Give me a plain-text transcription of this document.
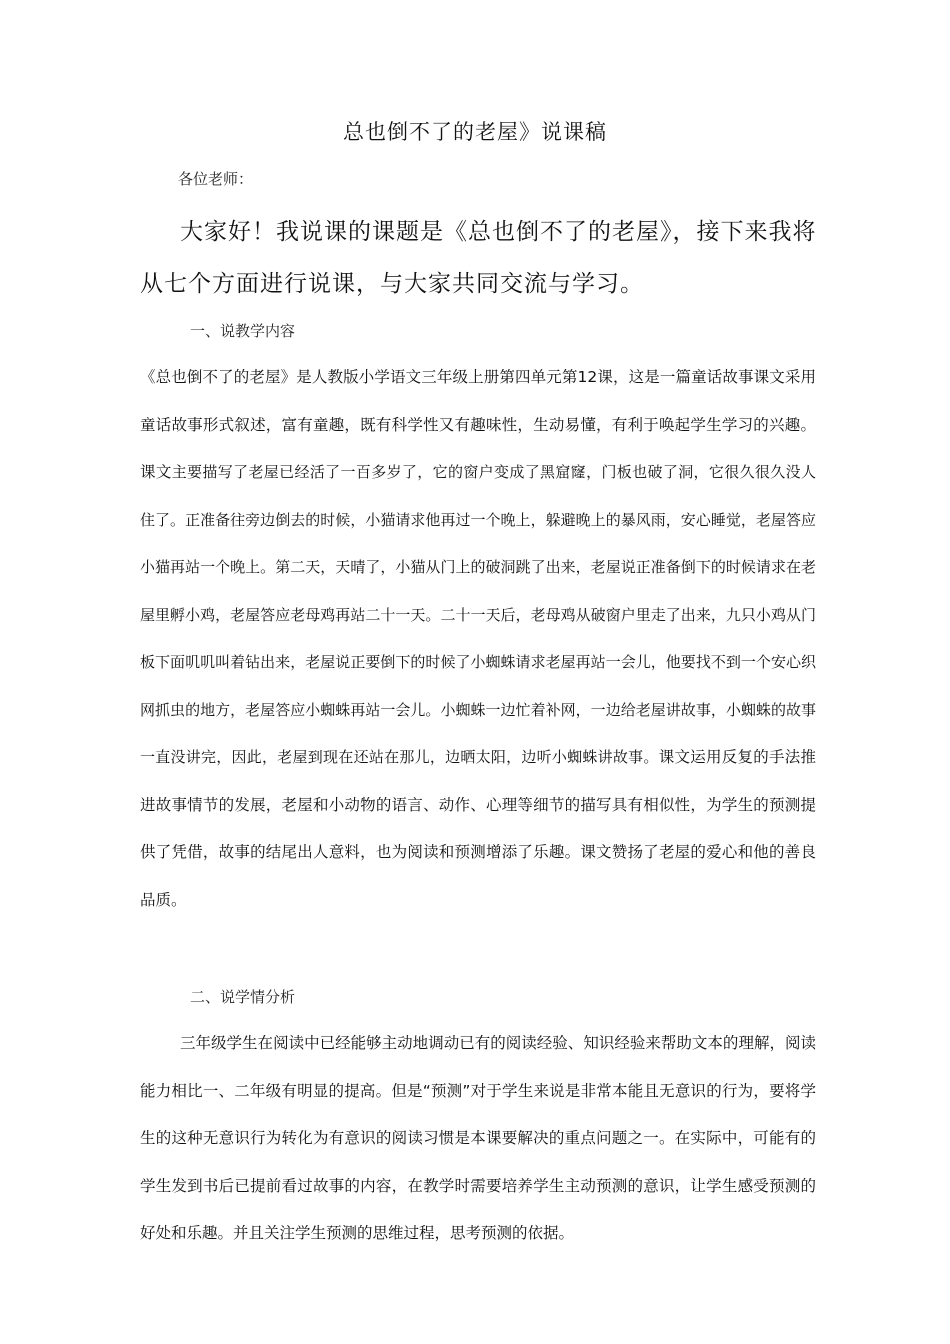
总也倒不了的老屋》说课稿
各位老师：
大家好！我说课的课题是《总也倒不了的老屋》，接下来我将从七个方面进行说课，与大家共同交流与学习。
一、说教学内容
《总也倒不了的老屋》是人教版小学语文三年级上册第四单元第12课，这是一篇童话故事课文采用童话故事形式叙述，富有童趣，既有科学性又有趣味性，生动易懂，有利于唤起学生学习的兴趣。课文主要描写了老屋已经活了一百多岁了，它的窗户变成了黑窟窿，门板也破了洞，它很久很久没人住了。正准备往旁边倒去的时候，小猫请求他再过一个晚上，躲避晚上的暴风雨，安心睡觉，老屋答应小猫再站一个晚上。第二天，天晴了，小猫从门上的破洞跳了出来，老屋说正准备倒下的时候请求在老屋里孵小鸡，老屋答应老母鸡再站二十一天。二十一天后，老母鸡从破窗户里走了出来，九只小鸡从门板下面叽叽叫着钻出来，老屋说正要倒下的时候了小蜘蛛请求老屋再站一会儿，他要找不到一个安心织网抓虫的地方，老屋答应小蜘蛛再站一会儿。小蜘蛛一边忙着补网，一边给老屋讲故事，小蜘蛛的故事一直没讲完，因此，老屋到现在还站在那儿，边晒太阳，边听小蜘蛛讲故事。课文运用反复的手法推进故事情节的发展，老屋和小动物的语言、动作、心理等细节的描写具有相似性，为学生的预测提供了凭借，故事的结尾出人意料，也为阅读和预测增添了乐趣。课文赞扬了老屋的爱心和他的善良品质。
二、说学情分析
三年级学生在阅读中已经能够主动地调动已有的阅读经验、知识经验来帮助文本的理解，阅读能力相比一、二年级有明显的提高。但是“预测”对于学生来说是非常本能且无意识的行为，要将学生的这种无意识行为转化为有意识的阅读习惯是本课要解决的重点问题之一。在实际中，可能有的学生发到书后已提前看过故事的内容，在教学时需要培养学生主动预测的意识，让学生感受预测的好处和乐趣。并且关注学生预测的思维过程，思考预测的依据。
